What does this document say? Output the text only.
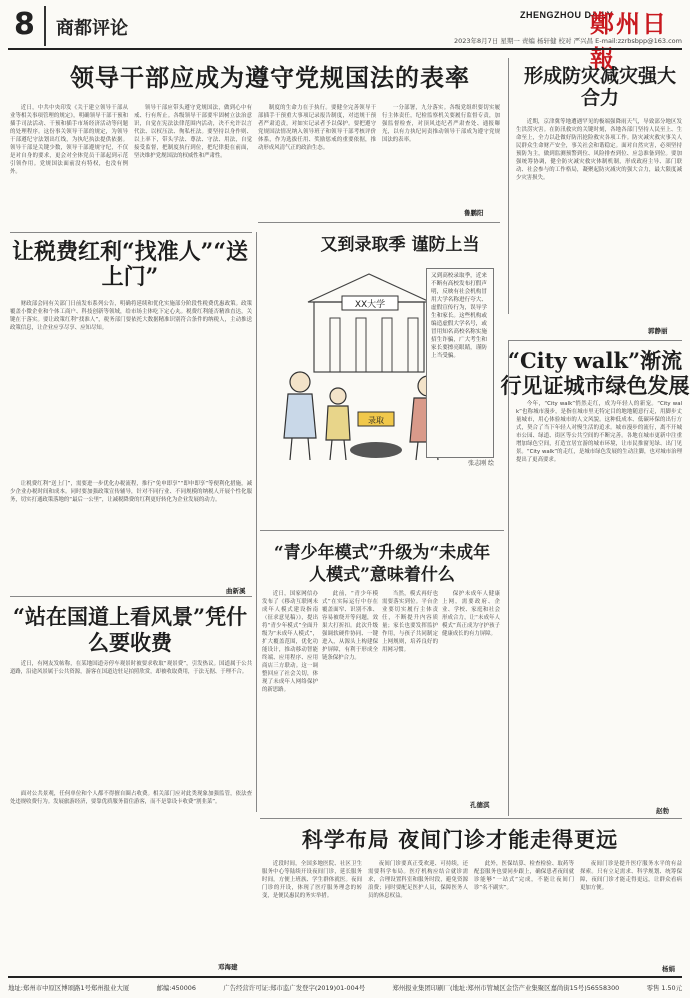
8	商都评论
ZHENGZHOU DAILY
鄭州日報
2023年8月7日 星期一 责编 杨轩健 校对 严兴昌 E-mail:zzrbsbpp@163.com
领导干部应成为遵守党规国法的表率
近日，中共中央印发《关于建立领导干部从业等相关事项管理的规定》，明确领导干部干预和插手司法活动、干预和插手市场经济活动等问题的处理程序。这份事关领导干部的规定，为领导干部遵纪守法划出红线，为执纪执法提供依据。领导干部是关键少数，领导干部遵规守纪，不仅是对自身的要求，更会对全体党员干部起到示范引领作用。党规国法面前没有特权，也没有例外。
领导干部应带头遵守党规国法，做到心中有戒、行有所止。各级领导干部要牢固树立法治意识，自觉在宪法法律范围内活动，决不允许以言代法、以权压法、徇私枉法。要坚持以身作则、以上率下，带头学法、尊法、守法、用法，自觉接受监督，把制度执行到位，把纪律挺在前面，坚决维护党规国法的权威性和严肃性。
制度的生命力在于执行。要健全完善领导干部插手干预重大事项记录报告制度，对违规干预者严肃追责，对如实记录者予以保护。要把遵守党规国法情况纳入领导班子和领导干部考核评价体系，作为选拔任用、奖励惩戒的重要依据，推动形成风清气正的政治生态。
一分部署，九分落实。各级党组织要切实履行主体责任，纪检监察机关要履行监督专责，加强监督检查，对顶风违纪者严肃查处、通报曝光，以有力执纪问责推动领导干部成为遵守党规国法的表率。
鲁鹏阳
形成防灾减灾强大合力
近期，京津冀等地遭遇罕见的极端强降雨天气，导致部分地区发生洪涝灾害。在防汛救灾的关键时刻，各地各部门坚持人民至上、生命至上，全力以赴做好防汛抢险救灾各项工作。防灾减灾救灾事关人民群众生命财产安全，事关社会和谐稳定。面对自然灾害，必须坚持预防为主，做到监测预警到位、风险排查到位、应急准备到位。要加强统筹协调，健全防灾减灾救灾体制机制，形成政府主导、部门联动、社会参与的工作格局，凝聚起防灾减灾的强大合力，最大限度减少灾害损失。
郭静丽
让税费红利“找准人”“送上门”
财政部会同有关部门日前发布系列公告，明确将延续和优化实施部分阶段性税费优惠政策。政策覆盖小微企业和个体工商户、科技创新等领域，给市场主体吃下定心丸。税费红利能否精准直达，关键在于落实。要让政策红利“找准人”，税务部门要依托大数据精准识别符合条件的纳税人，主动推送政策信息，让企业应享尽享、应知尽知。
让税费红利“送上门”，需要进一步优化办税流程，推行“免申即享”“即申即享”等便利化措施，减少企业办税时间和成本。同时要加强政策宣传辅导，针对不同行业、不同规模的纳税人开展个性化服务，切实打通政策落地的“最后一公里”，让减税降费的红利更好转化为企业发展的动力。
曲新溪
又到录取季 谨防上当
XX大学
录取
又到高校录取季，近来不断有高校发布打假声明，反映有社会机构冒用大学名称进行夸大、虚假宣传行为，误导学生和家长。这些机构或编造虚假大学名号，或冒用知名高校名称实施招生诈骗，广大考生和家长要擦亮眼睛，谨防上当受骗。
张志刚 绘
“City walk”渐流行见证城市绿色发展
今年，“City walk”悄然走红，成为年轻人的新宠。“City walk”也称城市漫步，是指在城市里无特定目的地地随意行走，用脚步丈量城市，用心体验城市的人文风貌。这种低成本、低碳环保的出行方式，契合了当下年轻人对慢生活的追求。城市漫步的流行，离不开城市公园、绿道、街区等公共空间的不断完善。各地在城市更新中注重增加绿色空间，打造宜居宜游的城市环境，让市民推窗见绿、出门见景。“City walk”的走红，是城市绿色发展的生动注脚，也对城市治理提出了更高要求。
赵勃
“青少年模式”升级为“未成年人模式”意味着什么
近日，国家网信办发布了《移动互联网未成年人模式建设指南（征求意见稿）》，提出将“青少年模式”全面升级为“未成年人模式”，扩大覆盖范围，优化功能设计，推动移动智能终端、应用程序、应用商店三方联动。这一调整回应了社会关切，体现了未成年人网络保护的新思路。
此前，“青少年模式”在实际运行中存在覆盖面窄、识别不准、容易被绕开等问题，效果大打折扣。此次升级强调软硬件协同、一键进入，从源头上构建保护屏障，有利于形成全链条保护合力。
当然，模式再好也需要落实到位。平台企业要切实履行主体责任，不断提升内容质量；家长也要发挥监护作用，与孩子共同制定上网规则，培养良好的用网习惯。
保护未成年人健康上网，需要政府、企业、学校、家庭和社会形成合力，让“未成年人模式”真正成为守护孩子健康成长的有力屏障。
孔德淇
“站在国道上看风景”凭什么要收费
近日，有网友发帖称，在某地国道旁停车观景时被要求收取“观景费”，引发热议。国道属于公共道路，沿途风景属于公共资源，游客在国道边驻足拍照欣赏，却被收取费用，于法无据、于理不合。
面对公共景观，任何单位和个人都不得擅自圈占收费。相关部门应对此类现象加强监管，依法查处违规收费行为。发展旅游经济，要靠优质服务留住游客，而不是靠设卡收费“割韭菜”。
邓海建
科学布局 夜间门诊才能走得更远
近段时间，全国多地医院、社区卫生服务中心等陆续开设夜间门诊，延长服务时间，方便上班族、学生群体就医。夜间门诊的开设，体现了医疗服务理念的转变，是便民惠民的务实举措。
夜间门诊要真正受欢迎、可持续，还需要科学布局。医疗机构应结合就诊需求，合理设置科室和服务时段，避免资源浪费；同时要配足医护人员，保障医务人员的休息权益。
此外，医保结算、检查检验、取药等配套服务也要同步跟上，确保患者夜间就诊能够“一站式”完成，不能让夜间门诊“名不副实”。
夜间门诊是提升医疗服务水平的有益探索。只有立足需求、科学规划、统筹保障，夜间门诊才能走得更远，让群众看病更加方便。
杨娟
地址:郑州市中原区博颂路1号郑州报业大厦	邮编:450006	广告经营许可证:郑市监广发登字(2019)01-004号	郑州报业集团印刷厂(地址:郑州市管城区金岱产业集聚区嘉尚街15号)56558300	零售 1.50元
